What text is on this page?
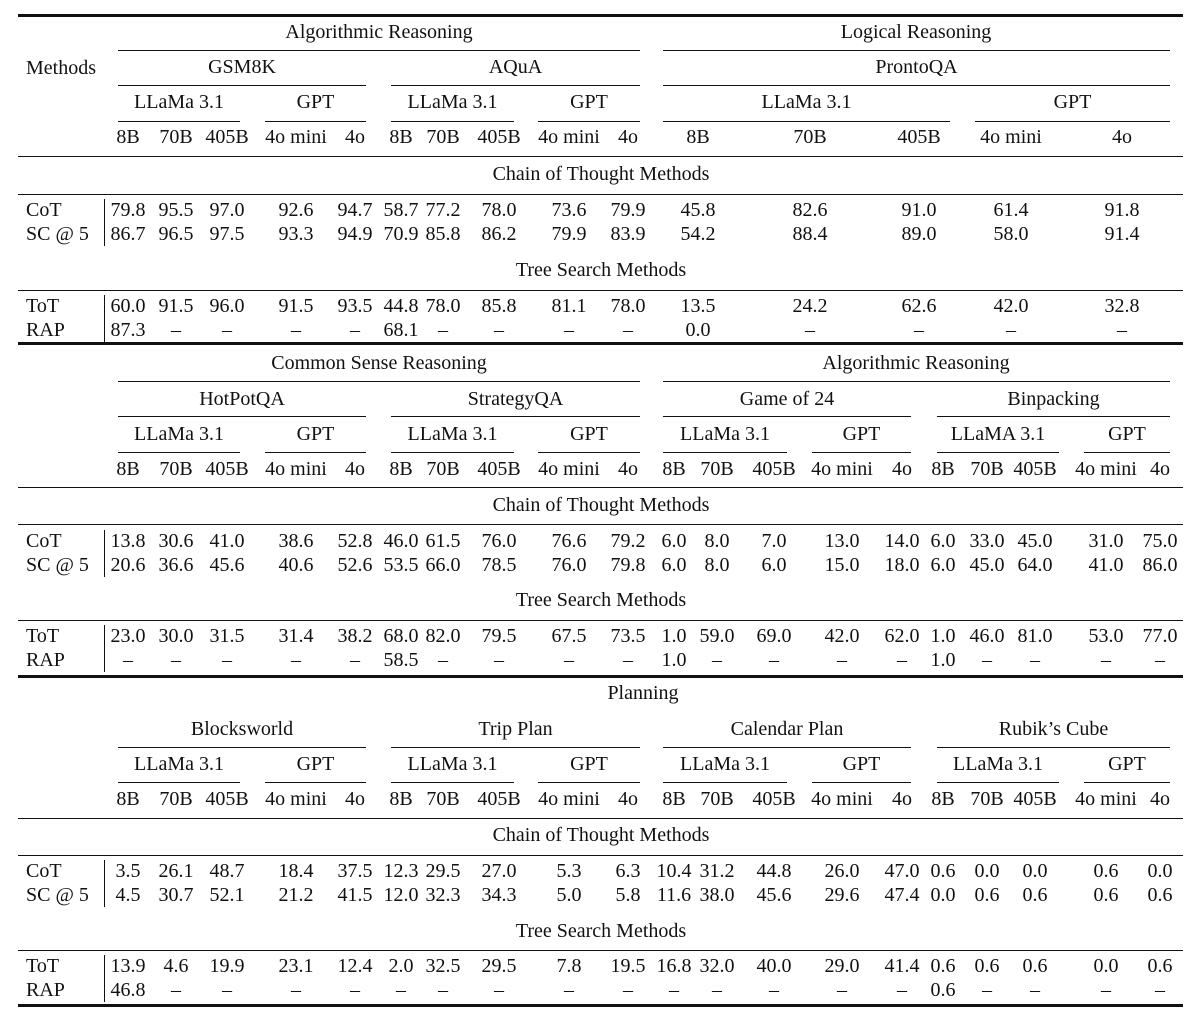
Methods
Algorithmic Reasoning
GSM8K
LLaMa 3.1
8B 70B 405B
GPT
4o mini 4o
AQuA
LLaMa 3.1
8B 70B 405B
GPT
4o mini 4o
Logical Reasoning
ProntoQA
LLaMa 3.1
8B	70B	405B
GPT
4o mini	4o
Chain of Thought Methods
CoT 79.8 95.5 97.0 92.6 94.7 58.7 77.2 78.0 73.6 79.9 45.8	82.6	91.0	61.4	91.8
SC @ 5 86.7 96.5 97.5 93.3 94.9 70.9 85.8 86.2 79.9 83.9 54.2	88.4	89.0	58.0	91.4
Tree Search Methods
ToT	60.0 91.5 96.0 91.5 93.5 44.8 78.0 85.8 81.1 78.0 13.5	24.2	62.6	42.0	32.8
RAP 87.3 – –	– – 68.1 – –	– –	0.0	–	–	–	–
Common Sense Reasoning
HotPotQA
LLaMa 3.1
8B 70B 405B
GPT
4o mini 4o
StrategyQA
LLaMa 3.1
8B 70B 405B
GPT
4o mini 4o
Algorithmic Reasoning
Game of 24
LLaMa 3.1
8B 70B 405B
GPT
4o mini 4o
Binpacking
LLaMA 3.1
8B 70B 405B
GPT
4o mini 4o
Chain of Thought Methods
CoT 13.8 30.6 41.0 38.6 52.8 46.0 61.5 76.0 76.6 79.2 6.0 8.0 7.0 13.0 14.0 6.0 33.0 45.0 31.0 75.0
SC @ 5 20.6 36.6 45.6 40.6 52.6 53.5 66.0 78.5 76.0 79.8 6.0 8.0 6.0 15.0 18.0 6.0 45.0 64.0 41.0 86.0
Tree Search Methods
ToT	23.0 30.0 31.5 31.4 38.2 68.0 82.0 79.5 67.5 73.5 1.0 59.0 69.0 42.0 62.0 1.0 46.0 81.0 53.0 77.0
RAP	– – –	– – 58.5 – –	– – 1.0 – –	–	– 1.0 – –	– –
Planning
Blocksworld
LLaMa 3.1
8B 70B 405B
GPT
4o mini 4o
Trip Plan
LLaMa 3.1
8B 70B 405B
GPT
4o mini 4o
Calendar Plan
LLaMa 3.1
8B 70B 405B
GPT
4o mini 4o
Rubik’s Cube
LLaMa 3.1
8B 70B 405B
GPT
4o mini 4o
Chain of Thought Methods
CoT	3.5 26.1 48.7 18.4 37.5 12.3 29.5 27.0 5.3 6.3 10.4 31.2 44.8 26.0 47.0 0.6 0.0 0.0 0.6 0.0
SC @ 5 4.5 30.7 52.1 21.2 41.5 12.0 32.3 34.3 5.0 5.8 11.6 38.0 45.6 29.6 47.4 0.0 0.6 0.6 0.6 0.6
Tree Search Methods
ToT	13.9 4.6 19.9 23.1 12.4 2.0 32.5 29.5 7.8 19.5 16.8 32.0 40.0 29.0 41.4 0.6 0.6 0.6 0.0 0.6
RAP 46.8 – –	– – – – –	– – – – –	–	– 0.6 – –	– –
